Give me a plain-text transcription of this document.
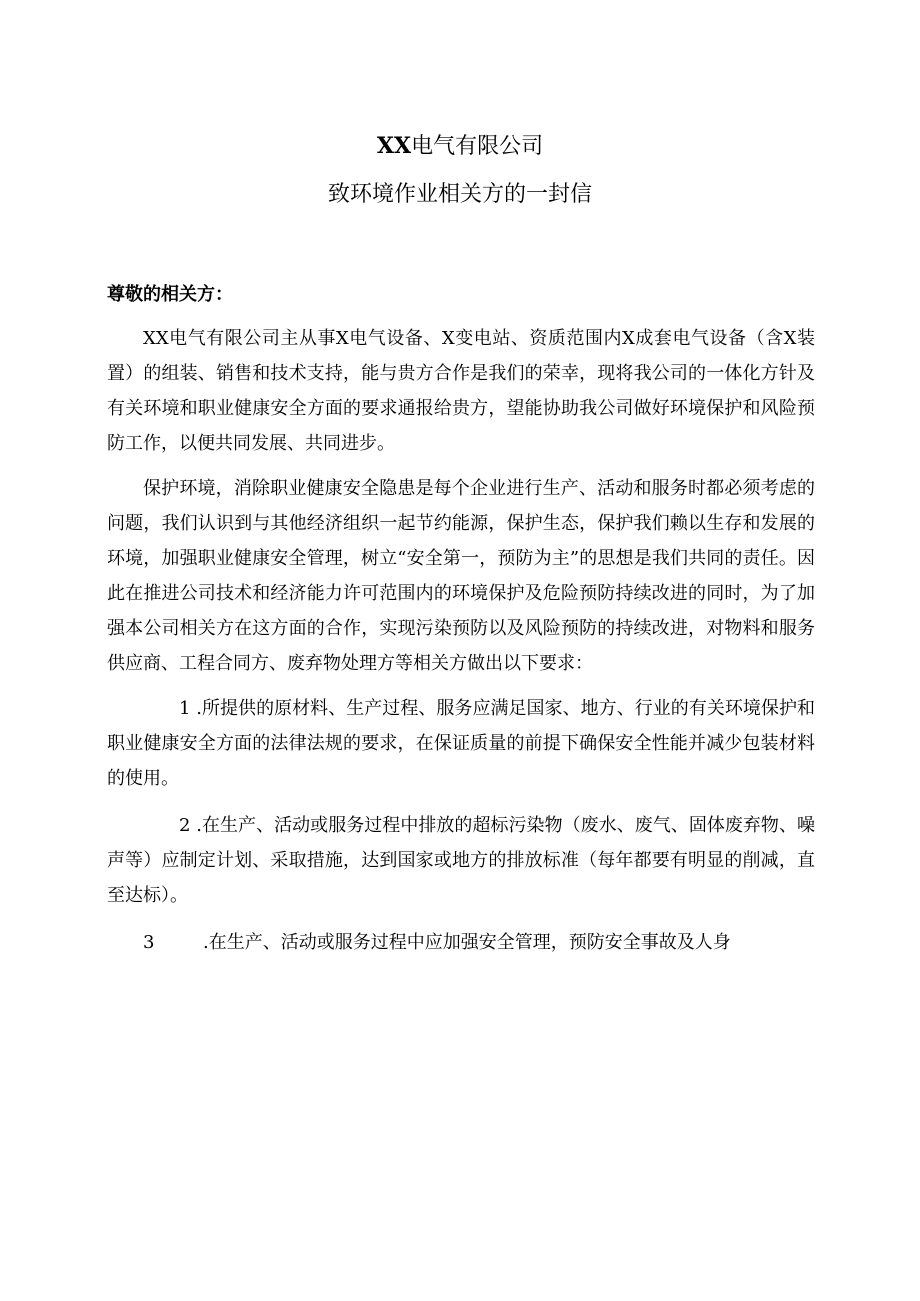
XX电气有限公司
致环境作业相关方的一封信
尊敬的相关方：

XX电气有限公司主从事X电气设备、X变电站、资质范围内X成套电气设备（含X装置）的组装、销售和技术支持，能与贵方合作是我们的荣幸，现将我公司的一体化方针及有关环境和职业健康安全方面的要求通报给贵方，望能协助我公司做好环境保护和风险预防工作，以便共同发展、共同进步。

保护环境，消除职业健康安全隐患是每个企业进行生产、活动和服务时都必须考虑的问题，我们认识到与其他经济组织一起节约能源，保护生态，保护我们赖以生存和发展的环境，加强职业健康安全管理，树立“安全第一，预防为主”的思想是我们共同的责任。因此在推进公司技术和经济能力许可范围内的环境保护及危险预防持续改进的同时，为了加强本公司相关方在这方面的合作，实现污染预防以及风险预防的持续改进，对物料和服务供应商、工程合同方、废弃物处理方等相关方做出以下要求：

1 .所提供的原材料、生产过程、服务应满足国家、地方、行业的有关环境保护和职业健康安全方面的法律法规的要求，在保证质量的前提下确保安全性能并减少包装材料的使用。

2 .在生产、活动或服务过程中排放的超标污染物（废水、废气、固体废弃物、噪声等）应制定计划、采取措施，达到国家或地方的排放标准（每年都要有明显的削减，直至达标）。

3	.在生产、活动或服务过程中应加强安全管理，预防安全事故及人身
